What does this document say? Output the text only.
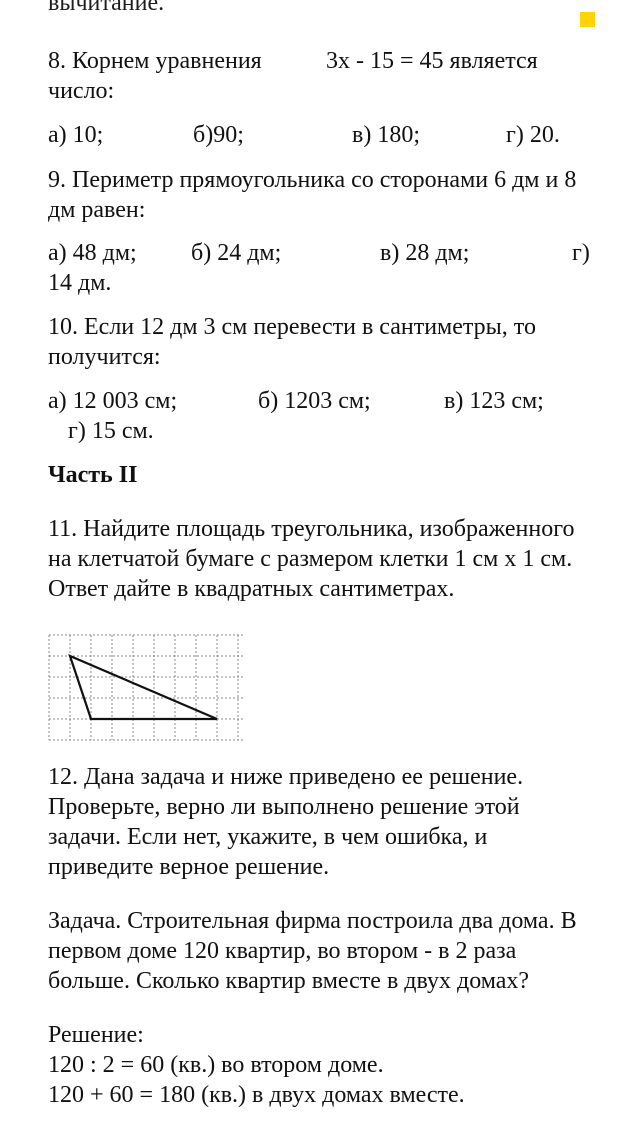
вычитание.

8. Корнем уравнения	3х - 15 = 45 является

число:

а) 10;	б)90;	в) 180;	г) 20.

9. Периметр прямоугольника со сторонами 6 дм и 8

дм равен:

а) 48 дм; б) 24 дм;	в) 28 дм;	г)

14 дм.

10. Если 12 дм 3 см перевести в сантиметры, то

получится:

а) 12 003 см;	б) 1203 см;	в) 123 см;

г) 15 см.

Часть II

11. Найдите площадь треугольника, изображенного

на клетчатой бумаге с размером клетки 1 см х 1 см.

Ответ дайте в квадратных сантиметрах.

12. Дана задача и ниже приведено ее решение.

Проверьте, верно ли выполнено решение этой

задачи. Если нет, укажите, в чем ошибка, и

приведите верное решение.

Задача. Строительная фирма построила два дома. В

первом доме 120 квартир, во втором - в 2 раза

больше. Сколько квартир вместе в двух домах?

Решение:

120 : 2 = 60 (кв.) во втором доме.

120 + 60 = 180 (кв.) в двух домах вместе.
